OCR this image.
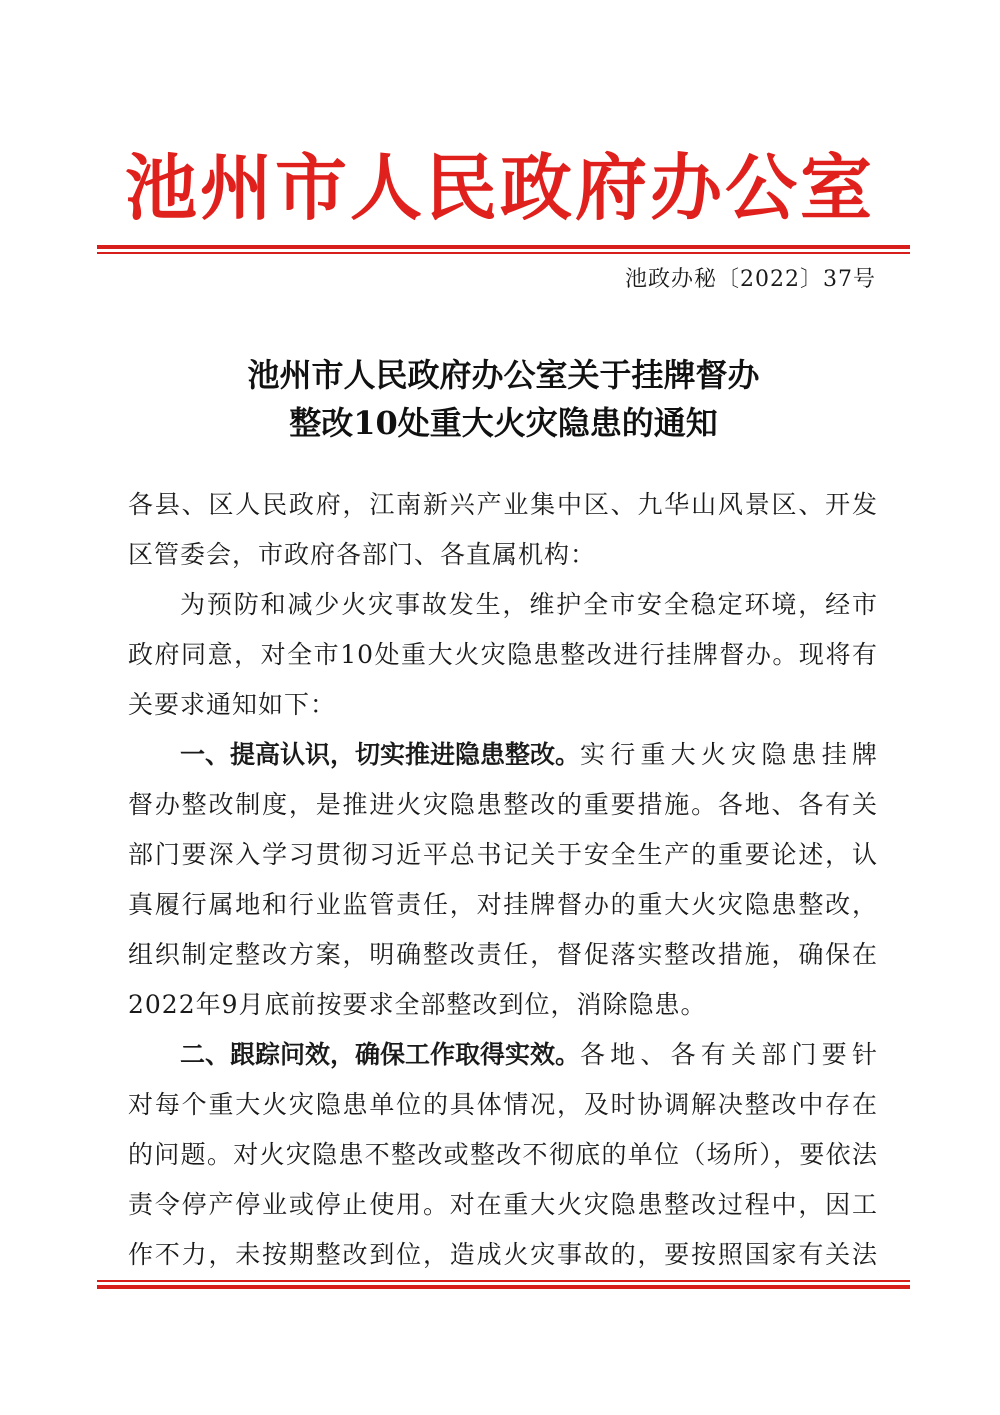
池州市人民政府办公室
池政办秘〔2022〕37号
池州市人民政府办公室关于挂牌督办
整改10处重大火灾隐患的通知
各县、区人民政府，江南新兴产业集中区、九华山风景区、开发
区管委会，市政府各部门、各直属机构：
为预防和减少火灾事故发生，维护全市安全稳定环境，经市
政府同意，对全市10处重大火灾隐患整改进行挂牌督办。现将有
关要求通知如下：
一、提高认识，切实推进隐患整改。 实行重大火灾隐患挂牌
督办整改制度，是推进火灾隐患整改的重要措施。各地、各有关
部门要深入学习贯彻习近平总书记关于安全生产的重要论述，认
真履行属地和行业监管责任，对挂牌督办的重大火灾隐患整改，
组织制定整改方案，明确整改责任，督促落实整改措施，确保在
2022年9月底前按要求全部整改到位，消除隐患。
二、跟踪问效，确保工作取得实效。 各地、各有关部门要针
对每个重大火灾隐患单位的具体情况，及时协调解决整改中存在
的问题。对火灾隐患不整改或整改不彻底的单位（场所），要依法
责令停产停业或停止使用。对在重大火灾隐患整改过程中，因工
作不力，未按期整改到位，造成火灾事故的，要按照国家有关法
